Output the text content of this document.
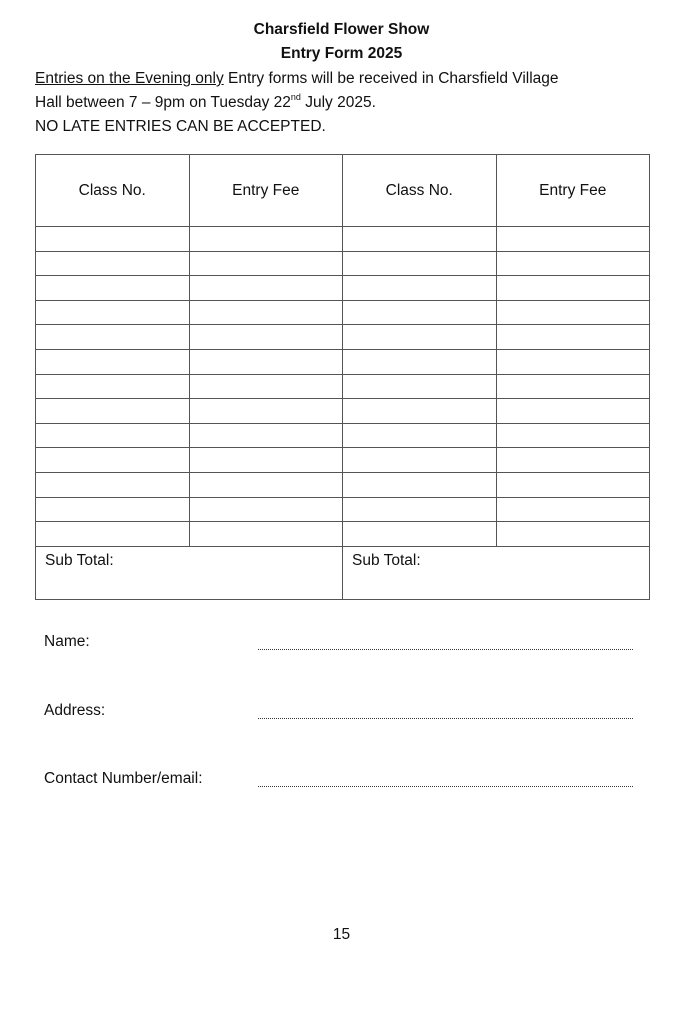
Charsfield Flower Show
Entry Form 2025
Entries on the Evening only Entry forms will be received in Charsfield Village
Hall between 7 – 9pm on Tuesday 22nd July 2025.
NO LATE ENTRIES CAN BE ACCEPTED.
Class No.	Entry Fee	Class No.	Entry Fee

Sub Total:		Sub Total:	
Name:
Address:
Contact Number/email:
15
